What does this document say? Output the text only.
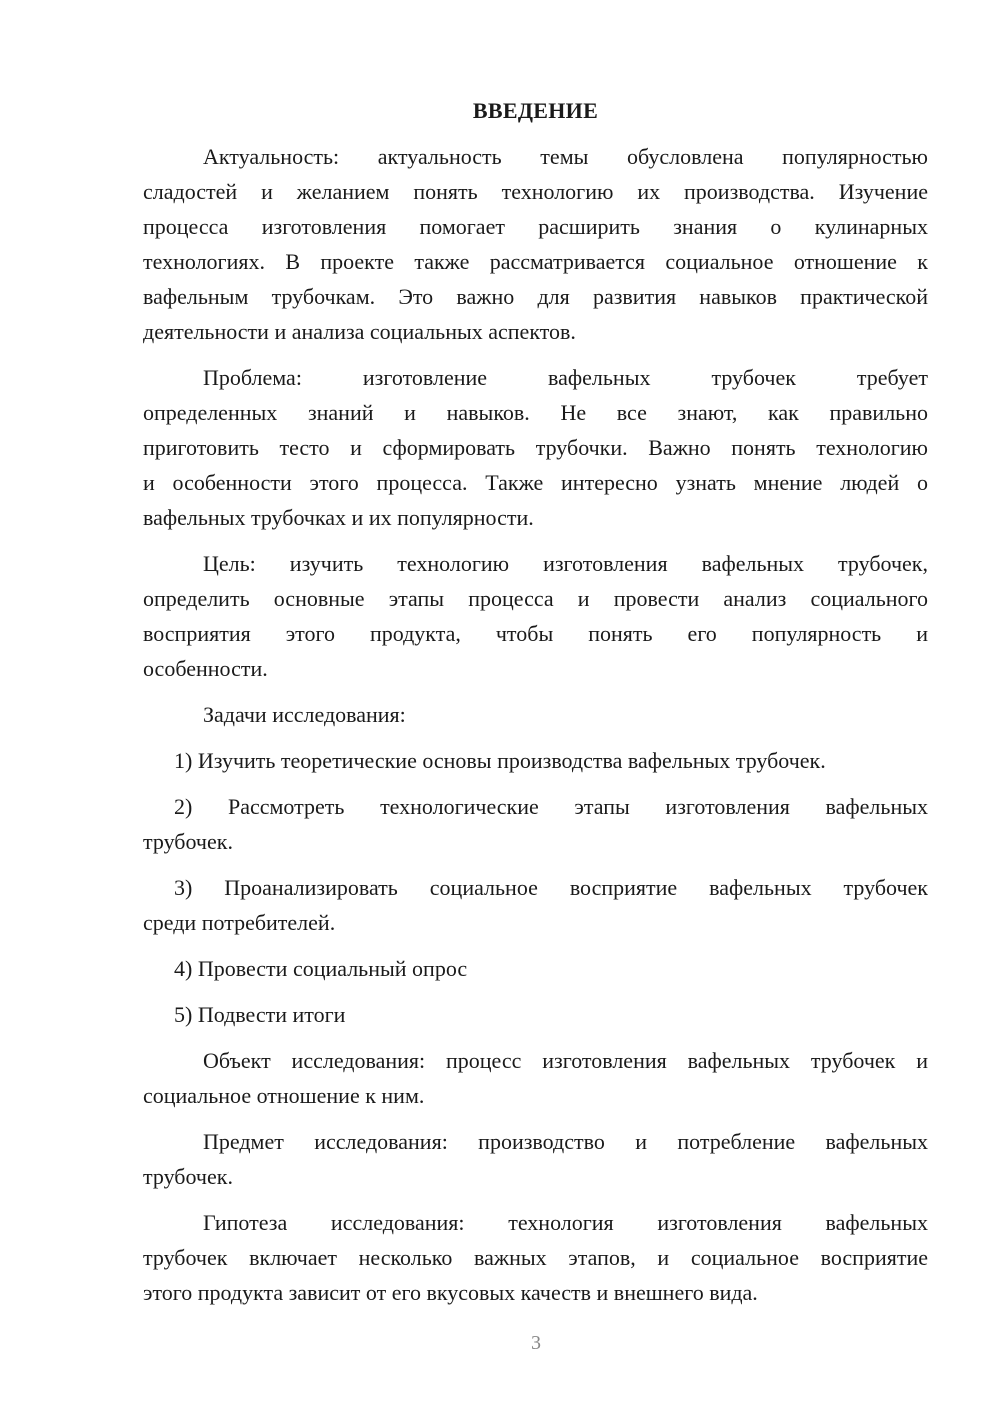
ВВЕДЕНИЕ
Актуальность: актуальность темы обусловлена популярностью
сладостей и желанием понять технологию их производства. Изучение
процесса изготовления помогает расширить знания о кулинарных
технологиях. В проекте также рассматривается социальное отношение к
вафельным трубочкам. Это важно для развития навыков практической
деятельности и анализа социальных аспектов.
Проблема: изготовление вафельных трубочек требует
определенных знаний и навыков. Не все знают, как правильно
приготовить тесто и сформировать трубочки. Важно понять технологию
и особенности этого процесса. Также интересно узнать мнение людей о
вафельных трубочках и их популярности.
Цель: изучить технологию изготовления вафельных трубочек,
определить основные этапы процесса и провести анализ социального
восприятия этого продукта, чтобы понять его популярность и
особенности.
Задачи исследования:
1) Изучить теоретические основы производства вафельных трубочек.
2) Рассмотреть технологические этапы изготовления вафельных
трубочек.
3) Проанализировать социальное восприятие вафельных трубочек
среди потребителей.
4) Провести социальный опрос
5) Подвести итоги
Объект исследования: процесс изготовления вафельных трубочек и
социальное отношение к ним.
Предмет исследования: производство и потребление вафельных
трубочек.
Гипотеза исследования: технология изготовления вафельных
трубочек включает несколько важных этапов, и социальное восприятие
этого продукта зависит от его вкусовых качеств и внешнего вида.
3
